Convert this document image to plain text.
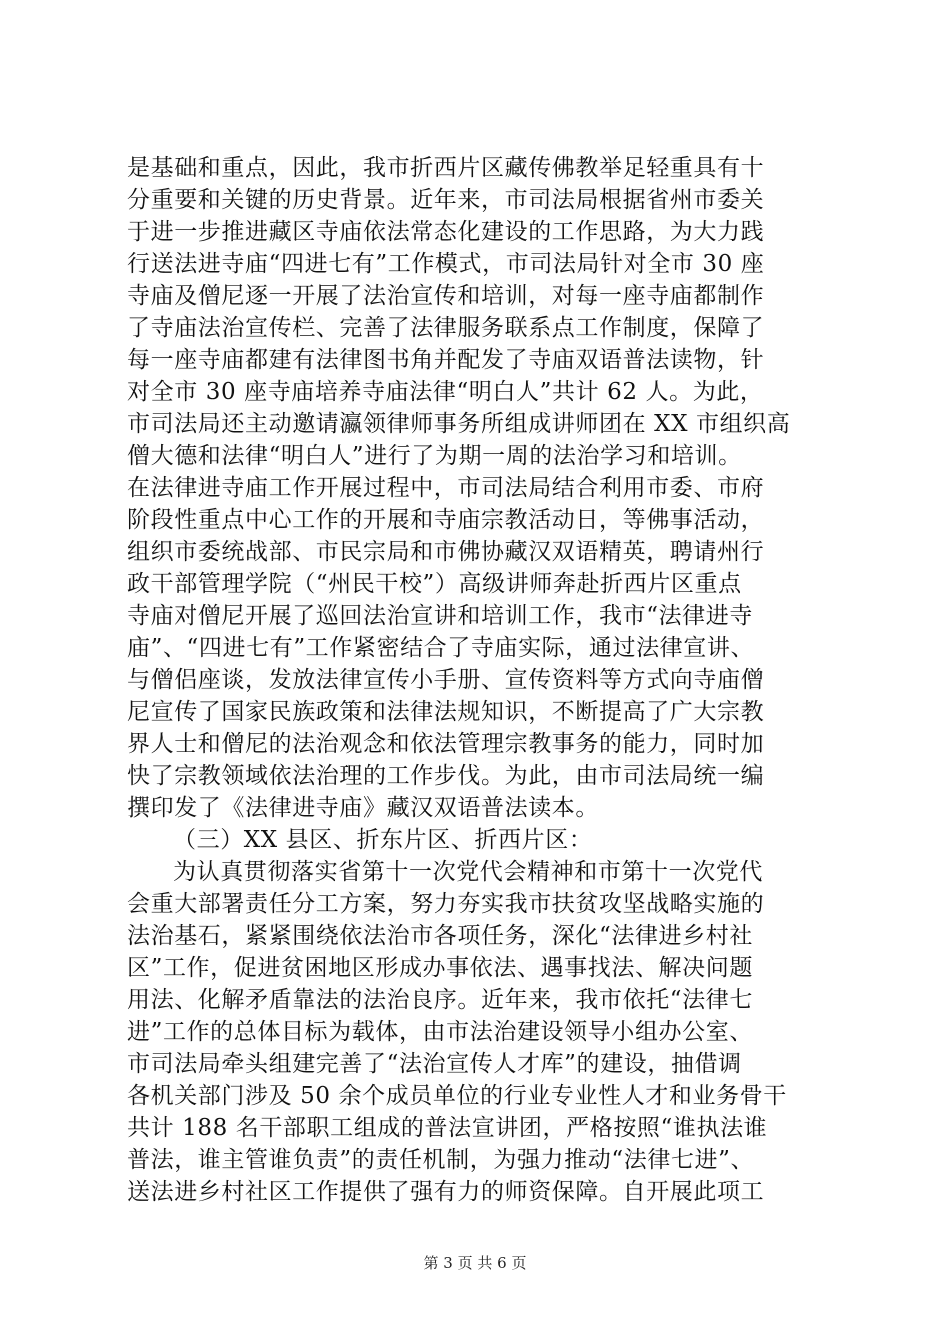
是基础和重点，因此，我市折西片区藏传佛教举足轻重具有十
分重要和关键的历史背景。近年来，市司法局根据省州市委关
于进一步推进藏区寺庙依法常态化建设的工作思路，为大力践
行送法进寺庙“四进七有”工作模式，市司法局针对全市 30 座
寺庙及僧尼逐一开展了法治宣传和培训，对每一座寺庙都制作
了寺庙法治宣传栏、完善了法律服务联系点工作制度，保障了
每一座寺庙都建有法律图书角并配发了寺庙双语普法读物，针
对全市 30 座寺庙培养寺庙法律“明白人”共计 62 人。为此，
市司法局还主动邀请瀛领律师事务所组成讲师团在 XX 市组织高
僧大德和法律“明白人”进行了为期一周的法治学习和培训。
在法律进寺庙工作开展过程中，市司法局结合利用市委、市府
阶段性重点中心工作的开展和寺庙宗教活动日，等佛事活动，
组织市委统战部、市民宗局和市佛协藏汉双语精英，聘请州行
政干部管理学院（“州民干校”）高级讲师奔赴折西片区重点
寺庙对僧尼开展了巡回法治宣讲和培训工作，我市“法律进寺
庙”、“四进七有”工作紧密结合了寺庙实际，通过法律宣讲、
与僧侣座谈，发放法律宣传小手册、宣传资料等方式向寺庙僧
尼宣传了国家民族政策和法律法规知识，不断提高了广大宗教
界人士和僧尼的法治观念和依法管理宗教事务的能力，同时加
快了宗教领域依法治理的工作步伐。为此，由市司法局统一编
撰印发了《法律进寺庙》藏汉双语普法读本。
（三）XX 县区、折东片区、折西片区：
为认真贯彻落实省第十一次党代会精神和市第十一次党代
会重大部署责任分工方案，努力夯实我市扶贫攻坚战略实施的
法治基石，紧紧围绕依法治市各项任务，深化“法律进乡村社
区”工作，促进贫困地区形成办事依法、遇事找法、解决问题
用法、化解矛盾靠法的法治良序。近年来，我市依托“法律七
进”工作的总体目标为载体，由市法治建设领导小组办公室、
市司法局牵头组建完善了“法治宣传人才库”的建设，抽借调
各机关部门涉及 50 余个成员单位的行业专业性人才和业务骨干
共计 188 名干部职工组成的普法宣讲团，严格按照“谁执法谁
普法，谁主管谁负责”的责任机制，为强力推动“法律七进”、
送法进乡村社区工作提供了强有力的师资保障。自开展此项工
第 3 页 共 6 页
